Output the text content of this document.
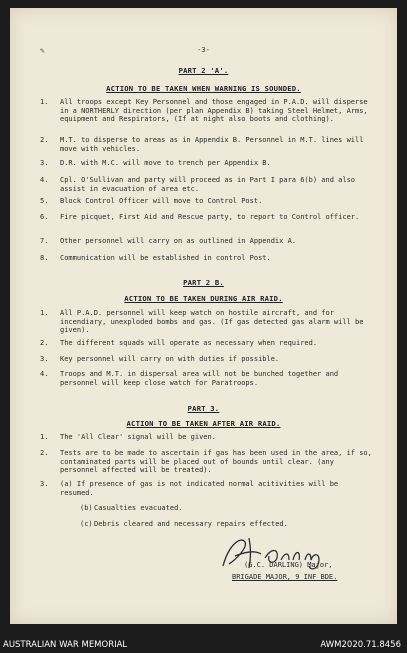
✎	-3-
PART 2 'A'.
ACTION TO BE TAKEN WHEN WARNING IS SOUNDED.
1. All troops except Key Personnel and those engaged in P.A.D. will disperse in a NORTHERLY direction (per plan Appendix B) taking Steel Helmet, Arms, equipment and Respirators, (If at night also boots and clothing).
2. M.T. to disperse to areas as in Appendix B. Personnel in M.T. lines will move with vehicles.
3. D.R. with M.C. will move to trench per Appendix B.
4. Cpl. O'Sullivan and party will proceed as in Part I para 6(b) and also assist in evacuation of area etc.
5. Block Control Officer will move to Control Post.
6. Fire picquet, First Aid and Rescue party, to report to Control officer.
7. Other personnel will carry on as outlined in Appendix A.
8. Communication will be established in control Post.
PART 2 B.
ACTION TO BE TAKEN DURING AIR RAID.
1. All P.A.D. personnel will keep watch on hostile aircraft, and for incendiary, unexploded bombs and gas. (If gas detected gas alarm will be given).
2. The different squads will operate as necessary when required.
3. Key personnel will carry on with duties if possible.
4. Troops and M.T. in dispersal area will not be bunched together and personnel will keep close watch for Paratroops.
PART 3.
ACTION TO BE TAKEN AFTER AIR RAID.
1. The 'All Clear' signal will be given.
2. Tests are to be made to ascertain if gas has been used in the area, if so, contaminated parts will be placed out of bounds until clear. (any personnel affected will be treated).
3. (a) If presence of gas is not indicated normal acitivities will be resumed.
(b) Casualties evacuated.
(c) Debris cleared and necessary repairs effected.
(G.C. DARLING) Major,
BRIGADE MAJOR, 9 INF BDE.
AUSTRALIAN WAR MEMORIAL	AWM2020.71.8456
